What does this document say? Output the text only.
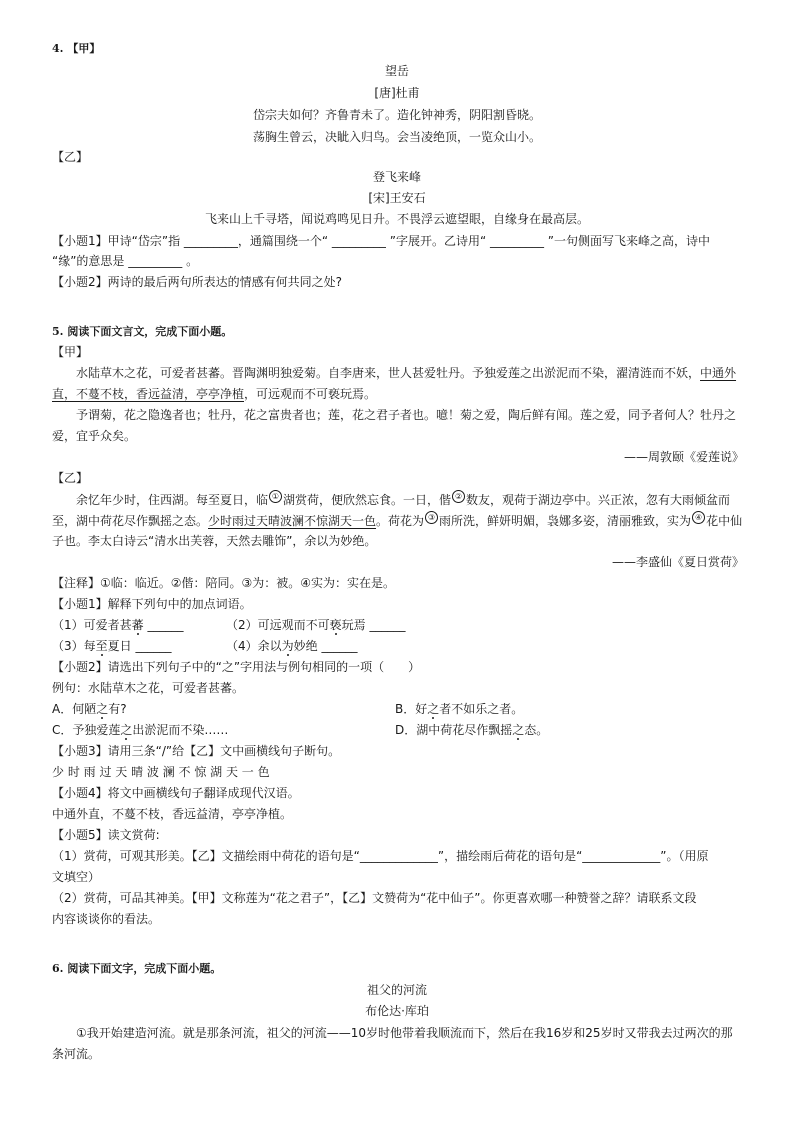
4. 【甲】
望岳
[唐]杜甫
岱宗夫如何？齐鲁青未了。造化钟神秀，阴阳割昏晓。
荡胸生曾云，决眦入归鸟。会当凌绝顶，一览众山小。
【乙】
登飞来峰
[宋]王安石
飞来山上千寻塔，闻说鸡鸣见日升。不畏浮云遮望眼，自缘身在最高层。
【小题1】甲诗“岱宗”指 _________，通篇围绕一个“ _________ ”字展开。乙诗用“ _________ ”一句侧面写飞来峰之高，诗中
“缘”的意思是 _________ 。
【小题2】两诗的最后两句所表达的情感有何共同之处?
5. 阅读下面文言文，完成下面小题。
【甲】
水陆草木之花，可爱者甚蕃。晋陶渊明独爱菊。自李唐来，世人甚爱牡丹。予独爱莲之出淤泥而不染，濯清涟而不妖，中通外
直，不蔓不枝，香远益清，亭亭净植，可远观而不可亵玩焉。
予谓菊，花之隐逸者也；牡丹，花之富贵者也；莲，花之君子者也。噫！菊之爱，陶后鲜有闻。莲之爱，同予者何人？牡丹之
爱，宜乎众矣。
——周敦颐《爱莲说》
【乙】
余忆年少时，住西湖。每至夏日，临 ① 湖赏荷，便欣然忘食。一日，偕 ② 数友，观荷于湖边亭中。兴正浓，忽有大雨倾盆而
至，湖中荷花尽作飘摇之态。少时雨过天晴波澜不惊湖天一色。荷花为 ③ 雨所洗，鲜妍明媚，袅娜多姿，清丽雅致，实为 ④ 花中仙
子也。李太白诗云“清水出芙蓉，天然去雕饰”，余以为妙绝。
——李盛仙《夏日赏荷》
【注释】①临：临近。②偕：陪同。③为：被。④实为：实在是。
【小题1】解释下列句中的加点词语。
（1）可爱者甚蕃 ______	（2）可远观而不可亵玩焉 ______
（3）每至夏日 ______	（4）余以为妙绝 ______
【小题2】请选出下列句子中的“之”字用法与例句相同的一项（　　）
例句：水陆草木之花，可爱者甚蕃。
A．何陋之有?	B．好之者不如乐之者。
C．予独爱莲之出淤泥而不染……	D．湖中荷花尽作飘摇之态。
【小题3】请用三条“/”给【乙】文中画横线句子断句。
少 时 雨 过 天 晴 波 澜 不 惊 湖 天 一 色
【小题4】将文中画横线句子翻译成现代汉语。
中通外直，不蔓不枝，香远益清，亭亭净植。
【小题5】读文赏荷:
（1）赏荷，可观其形美。【乙】文描绘雨中荷花的语句是“_____________”，描绘雨后荷花的语句是“_____________”。（用原
文填空）
（2）赏荷，可品其神美。【甲】文称莲为“花之君子”，【乙】文赞荷为“花中仙子”。你更喜欢哪一种赞誉之辞？请联系文段
内容谈谈你的看法。
6. 阅读下面文字，完成下面小题。
祖父的河流
布伦达·库珀
①我开始建造河流。就是那条河流，祖父的河流——10岁时他带着我顺流而下，然后在我16岁和25岁时又带我去过两次的那
条河流。
